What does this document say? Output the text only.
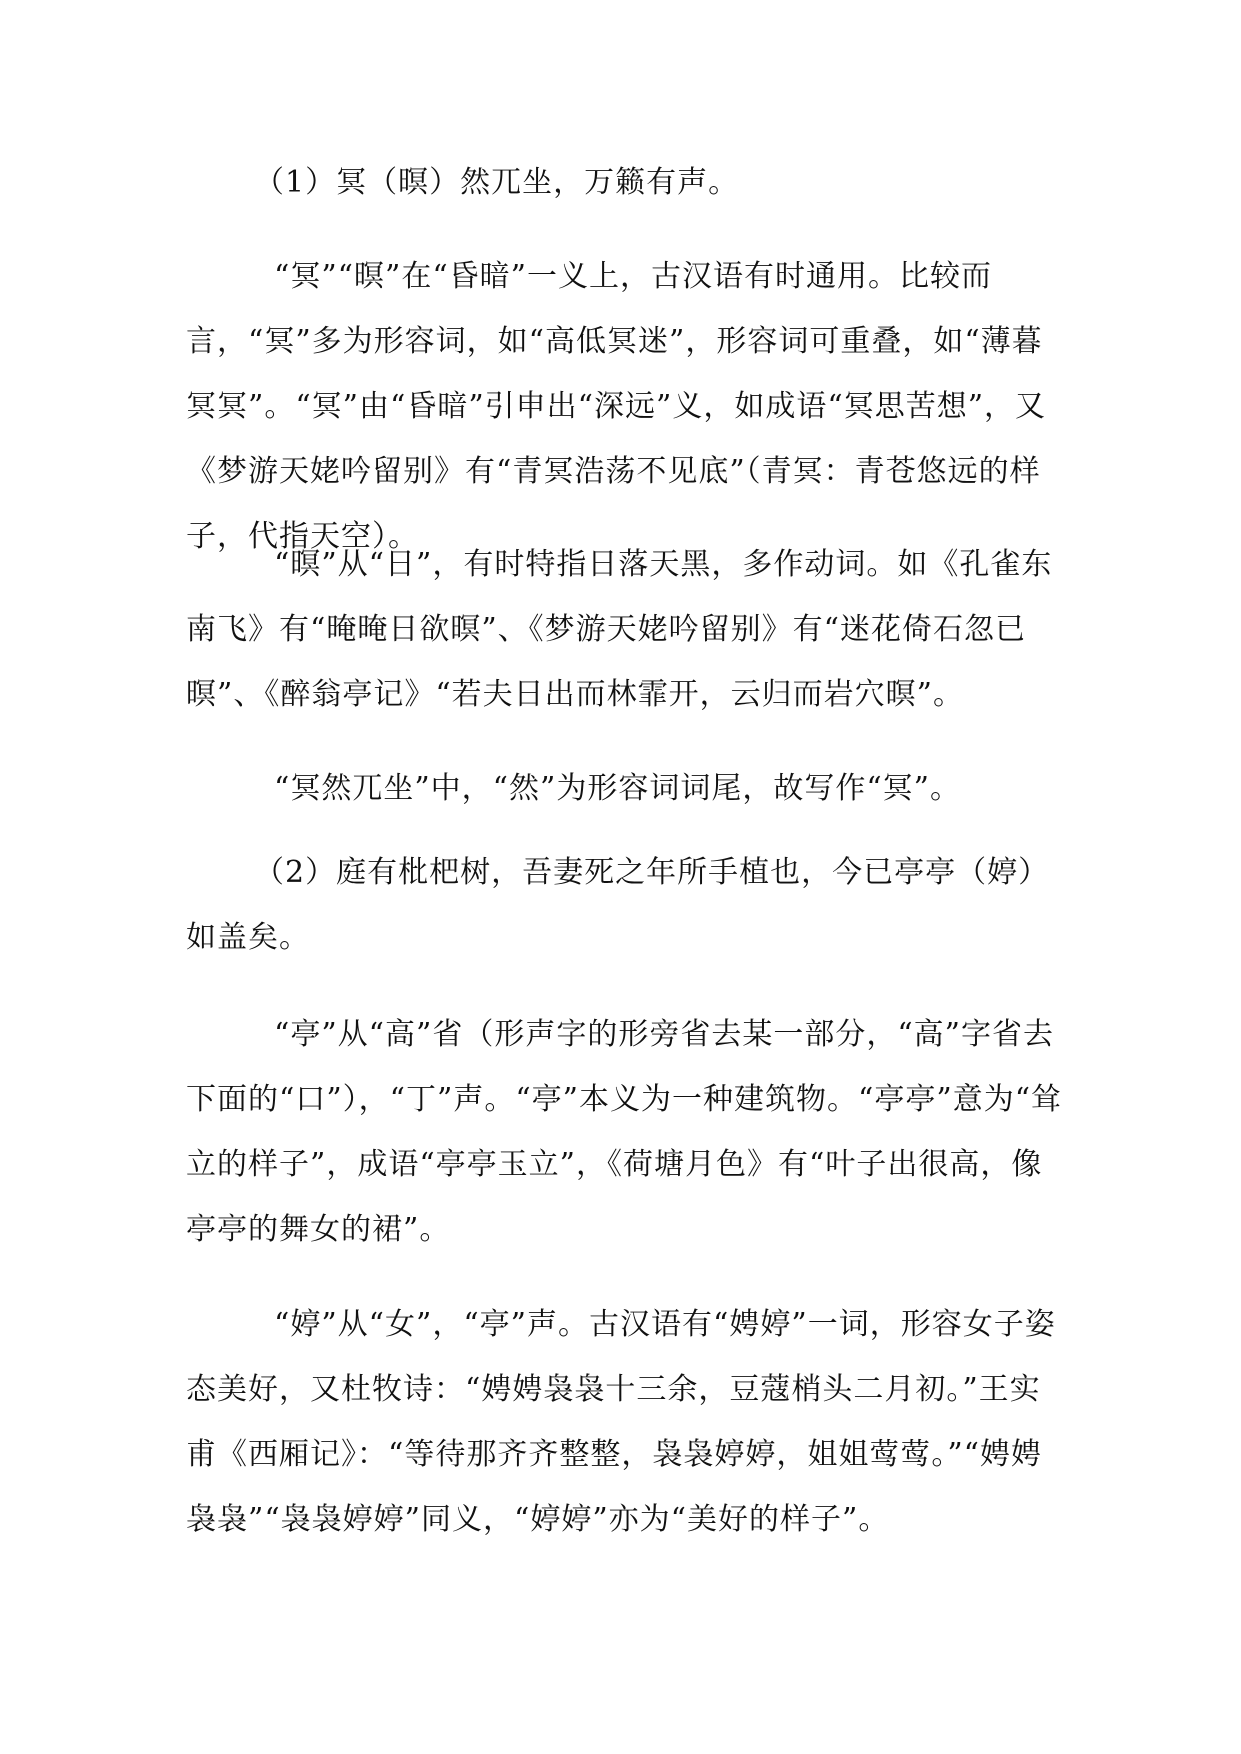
（1）冥（暝）然兀坐，万籁有声。

“冥”“暝”在“昏暗”一义上，古汉语有时通用。比较而言，“冥”多为形容词，如“高低冥迷”，形容词可重叠，如“薄暮冥冥”。“冥”由“昏暗”引申出“深远”义，如成语“冥思苦想”，又《梦游天姥吟留别》有“青冥浩荡不见底”（青冥：青苍悠远的样子，代指天空）。

“暝”从“日”，有时特指日落天黑，多作动词。如《孔雀东南飞》有“晻晻日欲暝”、《梦游天姥吟留别》有“迷花倚石忽已暝”、《醉翁亭记》“若夫日出而林霏开，云归而岩穴暝”。

“冥然兀坐”中，“然”为形容词词尾，故写作“冥”。

（2）庭有枇杷树，吾妻死之年所手植也，今已亭亭（婷）如盖矣。

“亭”从“高”省（形声字的形旁省去某一部分，“高”字省去下面的“口”），“丁”声。“亭”本义为一种建筑物。“亭亭”意为“耸立的样子”，成语“亭亭玉立”，《荷塘月色》有“叶子出很高，像亭亭的舞女的裙”。

“婷”从“女”，“亭”声。古汉语有“娉婷”一词，形容女子姿态美好，又杜牧诗：“娉娉袅袅十三余，豆蔻梢头二月初。”王实甫《西厢记》：“等待那齐齐整整，袅袅婷婷，姐姐莺莺。”“娉娉袅袅”“袅袅婷婷”同义，“婷婷”亦为“美好的样子”。
